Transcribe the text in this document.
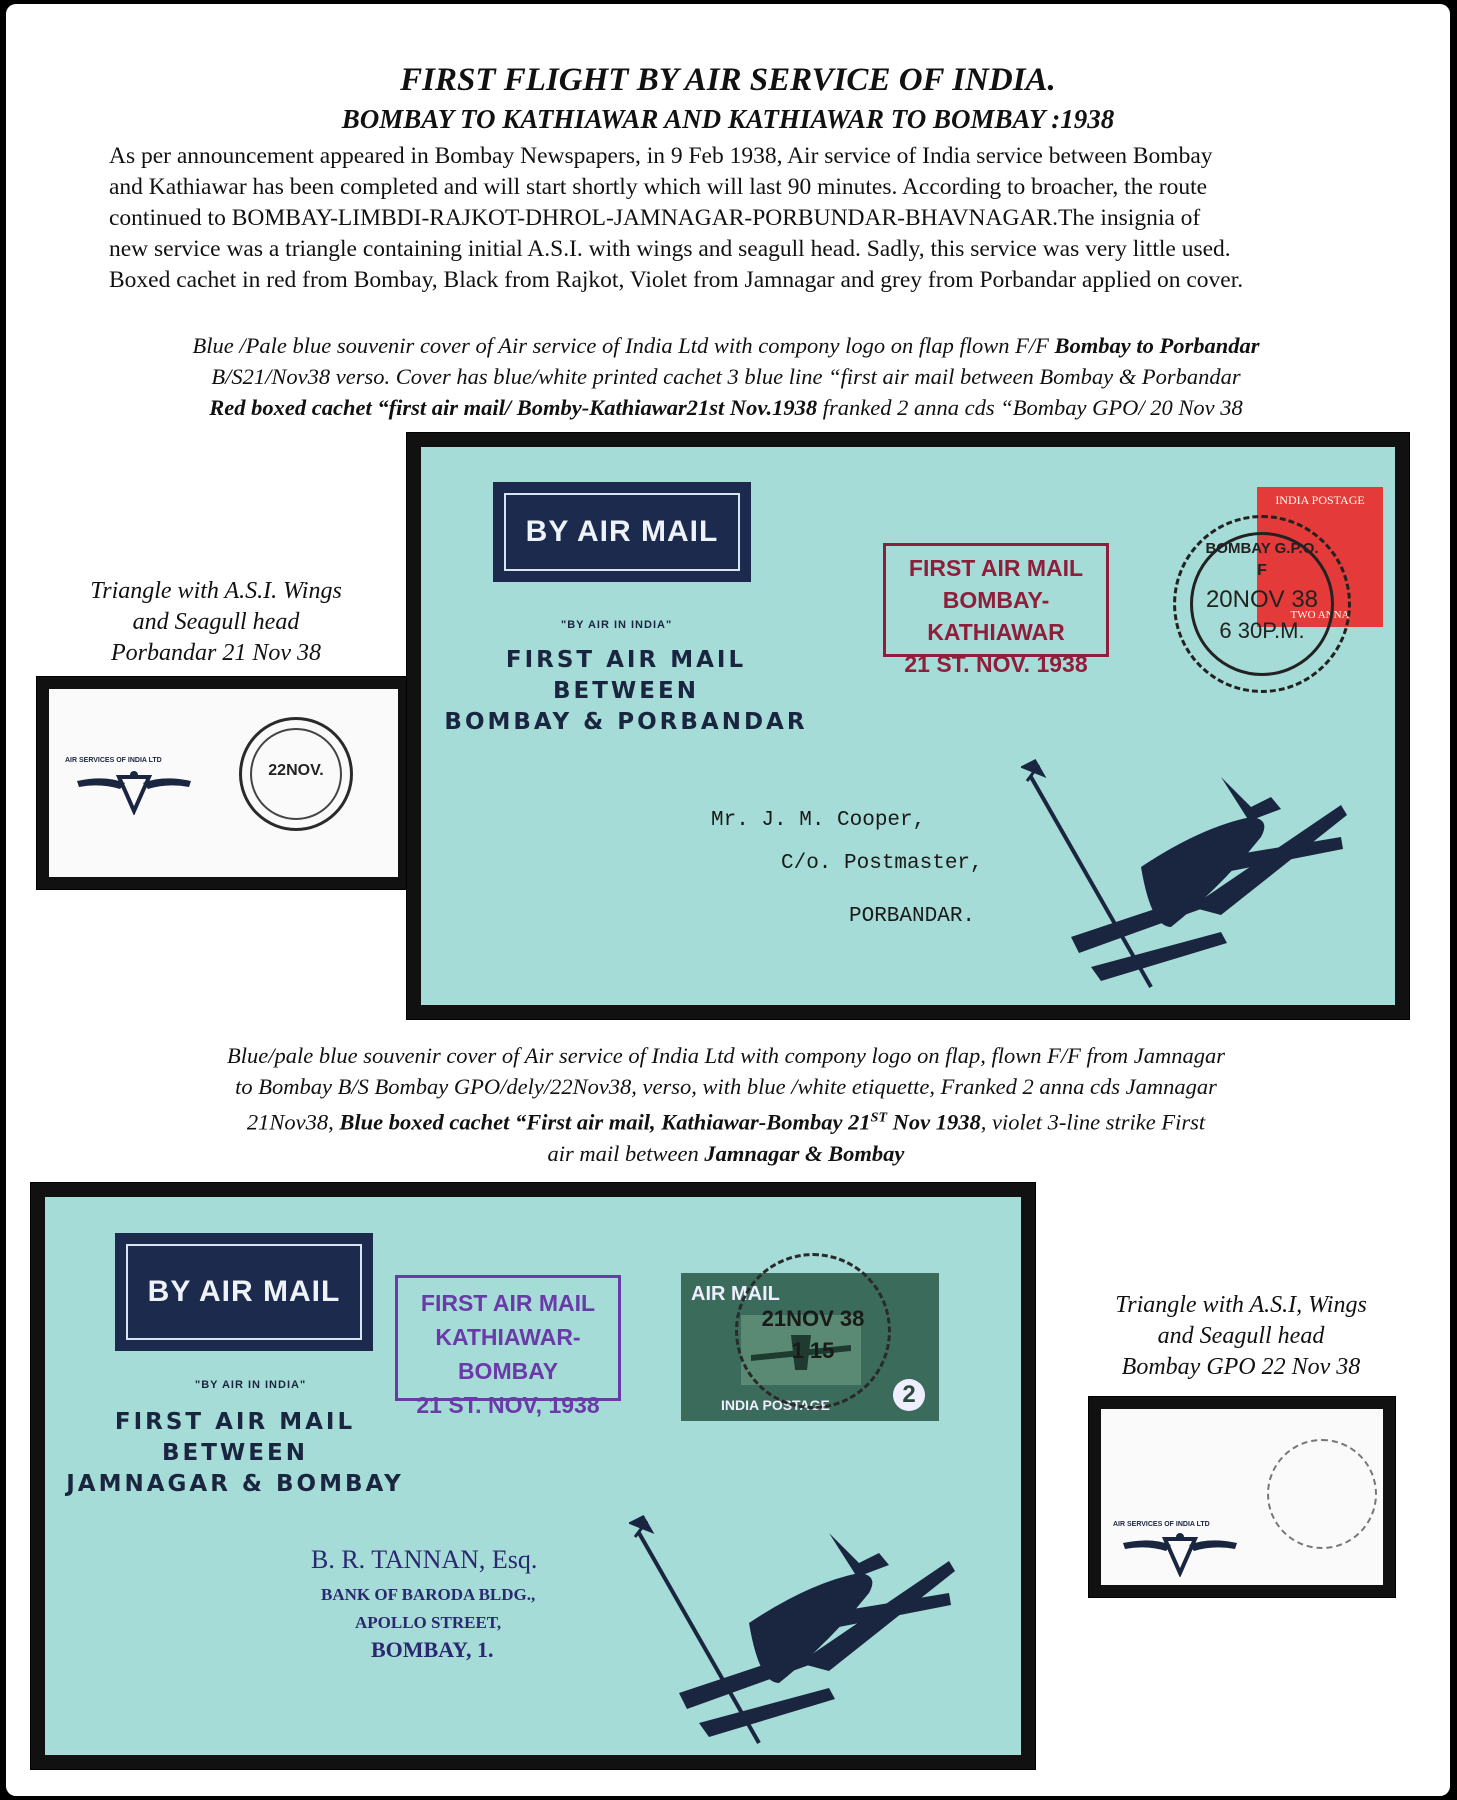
FIRST FLIGHT BY AIR SERVICE OF INDIA.
BOMBAY TO KATHIAWAR AND KATHIAWAR TO BOMBAY :1938

As per announcement appeared in Bombay Newspapers, in 9 Feb 1938, Air service of India service between Bombay

and Kathiawar has been completed and will start shortly which will last 90 minutes. According to broacher, the route

continued to BOMBAY-LIMBDI-RAJKOT-DHROL-JAMNAGAR-PORBUNDAR-BHAVNAGAR.The insignia of

new service was a triangle containing initial A.S.I. with wings and seagull head. Sadly, this service was very little used.

Boxed cachet in red from Bombay, Black from Rajkot, Violet from Jamnagar and grey from Porbandar applied on cover.

Blue /Pale blue souvenir cover of Air service of India Ltd with compony logo on flap flown F/F Bombay to Porbandar

B/S21/Nov38 verso. Cover has blue/white printed cachet 3 blue line “first air mail between Bombay & Porbandar

Red boxed cachet “first air mail/ Bomby-Kathiawar21st Nov.1938 franked 2 anna cds “Bombay GPO/ 20 Nov 38

Triangle with A.S.I. Wings

and Seagull head

Porbandar 21 Nov 38

AIR SERVICES OF INDIA LTD
22NOV.
BY AIR MAIL
"BY AIR IN INDIA"

FIRST AIR MAIL

BETWEEN

BOMBAY & PORBANDAR

FIRST AIR MAIL

BOMBAY-KATHIAWAR

21 ST. NOV. 1938

INDIA POSTAGE
TWO ANNA
BOMBAY G.P.O.
F
20NOV 38
6 30P.M.
Mr. J. M. Cooper,
C/o. Postmaster,
PORBANDAR.

Blue/pale blue souvenir cover of Air service of India Ltd with compony logo on flap, flown F/F from Jamnagar

to Bombay B/S Bombay GPO/dely/22Nov38, verso, with blue /white etiquette, Franked 2 anna cds Jamnagar

21Nov38, Blue boxed cachet “First air mail, Kathiawar-Bombay 21ST Nov 1938, violet 3-line strike First

air mail between Jamnagar & Bombay

BY AIR MAIL
"BY AIR IN INDIA"

FIRST AIR MAIL

BETWEEN

JAMNAGAR & BOMBAY

FIRST AIR MAIL

KATHIAWAR-BOMBAY

21 ST. NOV, 1938

AIR MAIL
INDIA POSTAGE	2
21NOV 38
1 15
B. R. TANNAN, Esq.
BANK OF BARODA BLDG.,
APOLLO STREET,
BOMBAY, 1.

Triangle with A.S.I, Wings

and Seagull head

Bombay GPO 22 Nov 38

AIR SERVICES OF INDIA LTD
